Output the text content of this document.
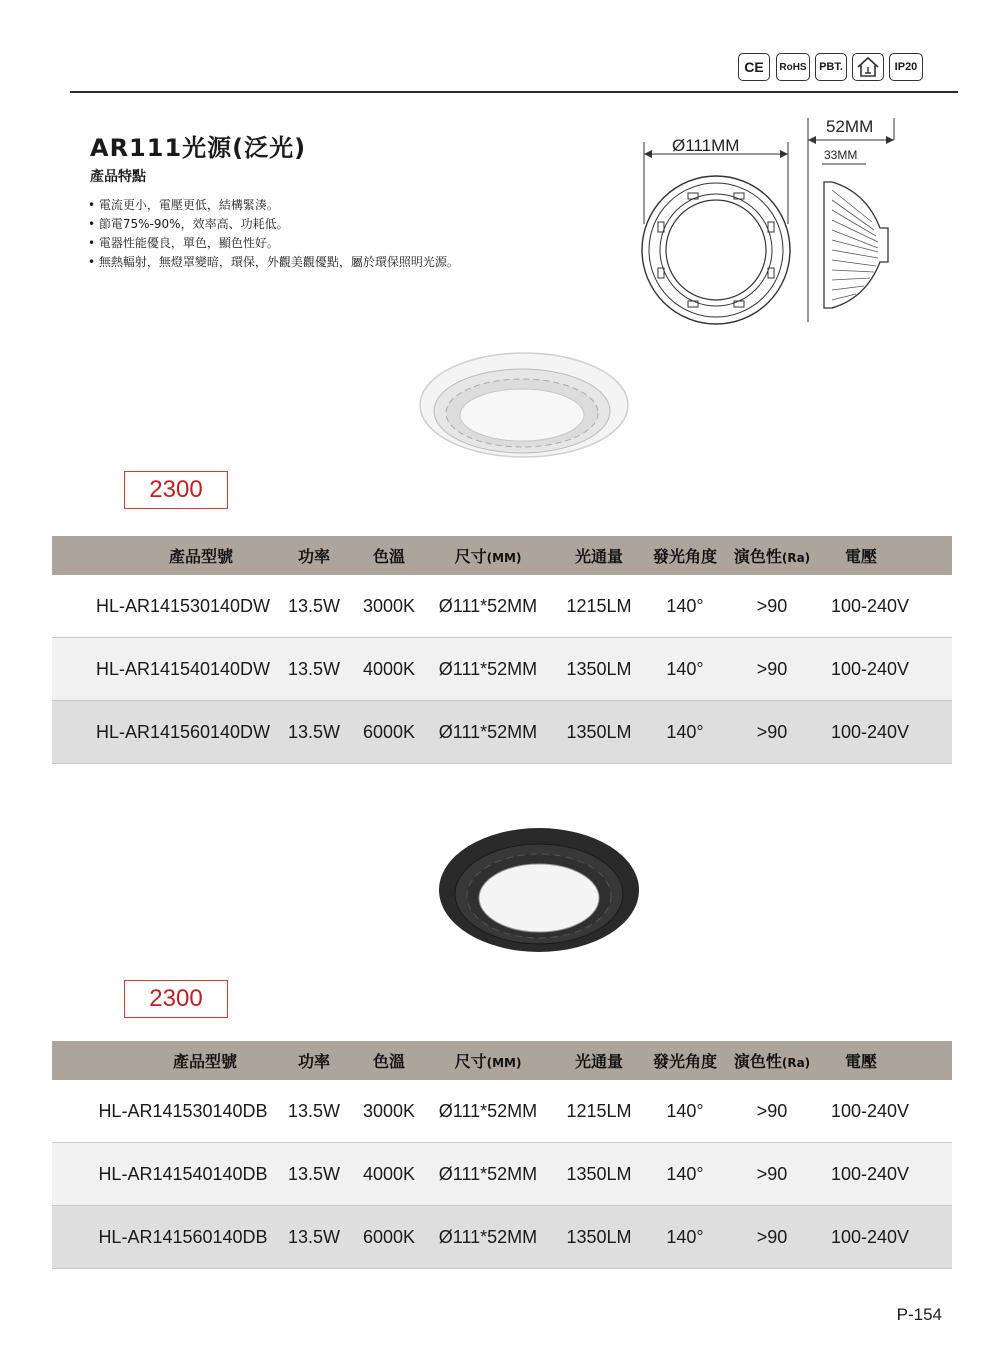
CE	RoHS	PBT.	IP20
AR111光源(泛光)
產品特點
• 電流更小，電壓更低，結構緊湊。
• 節電75%-90%，效率高、功耗低。
• 電器性能優良，單色，顯色性好。
• 無熱輻射，無燈罩變暗，環保，外觀美觀優點，屬於環保照明光源。
Ø111MM
52MM
33MM
2300
產品型號	功率	色溫	尺寸(MM)	光通量	發光角度	演色性(Ra)	電壓
HL-AR141530140DW 13.5W	3000K	Ø111*52MM	1215LM	140°	>90	100-240V
HL-AR141540140DW 13.5W	4000K	Ø111*52MM	1350LM	140°	>90	100-240V
HL-AR141560140DW 13.5W	6000K	Ø111*52MM	1350LM	140°	>90	100-240V
2300
產品型號	功率	色溫	尺寸(MM)	光通量	發光角度	演色性(Ra)	電壓
HL-AR141530140DB	13.5W	3000K	Ø111*52MM	1215LM	140°	>90	100-240V
HL-AR141540140DB	13.5W	4000K	Ø111*52MM	1350LM	140°	>90	100-240V
HL-AR141560140DB	13.5W	6000K	Ø111*52MM	1350LM	140°	>90	100-240V
P-154
